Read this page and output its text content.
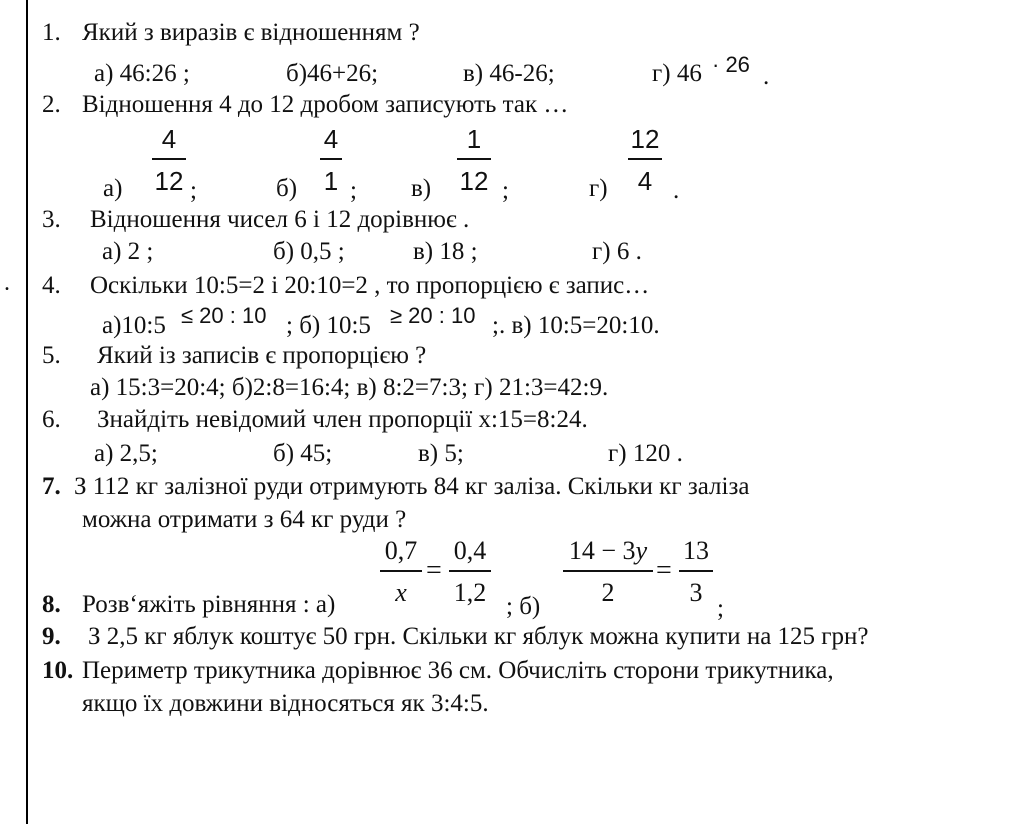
.
1. Який з виразів є відношенням ?
а) 46:26 ;	б)46+26;	в) 46-26;	г) 46 · 26 .
2. Відношення 4 до 12 дробом записують так …
а)
4
12 ;	б)
4
1 ; в)
1
12 ;	г)
12
4 .
3. Відношення чисел 6 і 12 дорівнює .
а) 2 ;	б) 0,5 ;	в) 18 ;	г) 6 .
4. Оскільки 10:5=2 і 20:10=2 , то пропорцією є запис…
а)10:5 ≤ 20 : 10 ; б) 10:5 ≥ 20 : 10 ;. в) 10:5=20:10.
5. Який із записів є пропорцією ?
а) 15:3=20:4; б)2:8=16:4; в) 8:2=7:3; г) 21:3=42:9.
6. Знайдіть невідомий член пропорції х:15=8:24.
а) 2,5;	б) 45;	в) 5;	г) 120 .
7. З 112 кг залізної руди отримують 84 кг заліза. Скільки кг заліза
можна отримати з 64 кг руди ?
8. Розв‘яжіть рівняння : а)
0,7
x
=
0,4
1,2 ; б)
14 − 3y
2
=
13
3
;
9. З 2,5 кг яблук коштує 50 грн. Скільки кг яблук можна купити на 125 грн?
10. Периметр трикутника дорівнює 36 см. Обчисліть сторони трикутника,
якщо їх довжини відносяться як 3:4:5.
